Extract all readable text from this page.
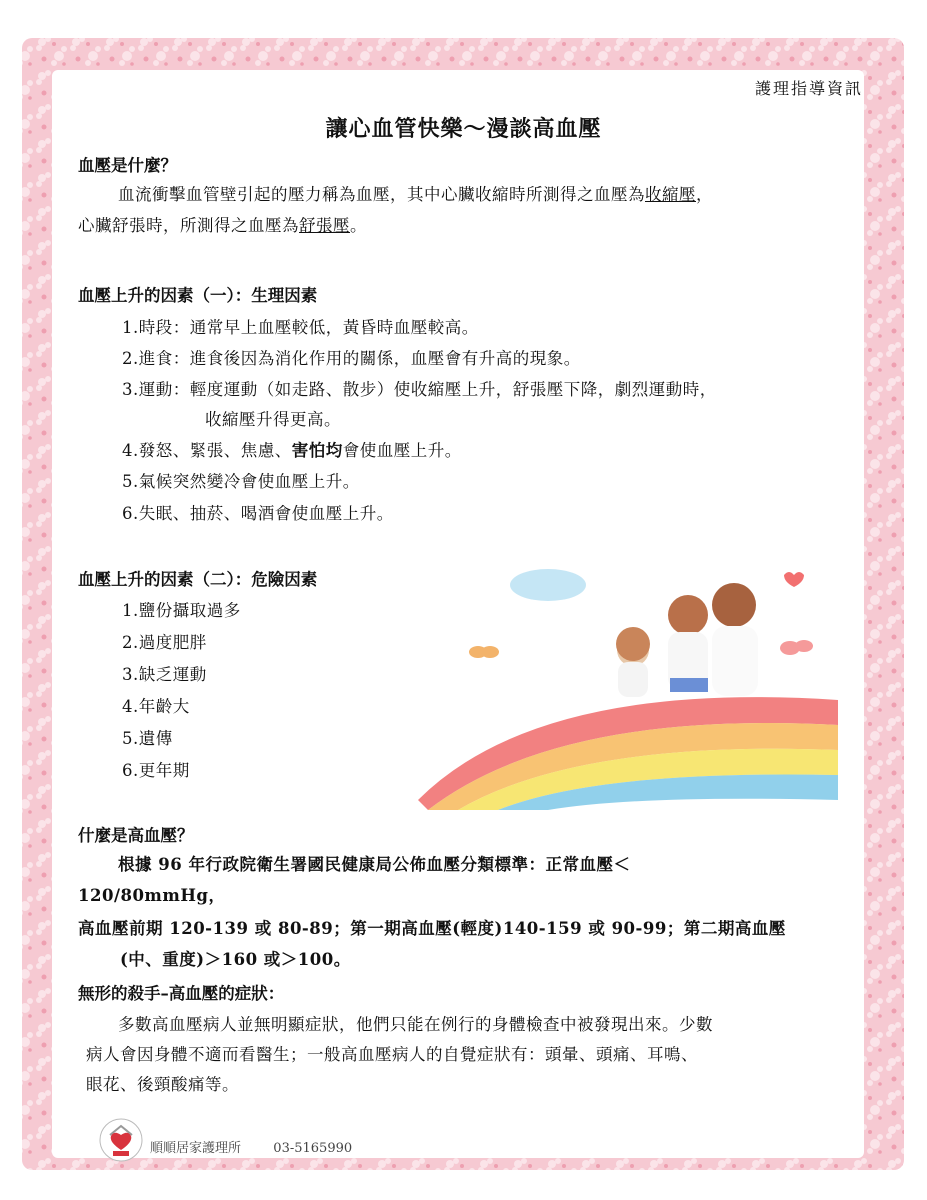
護理指導資訊
讓心血管快樂～漫談高血壓
血壓是什麼？
血流衝擊血管壁引起的壓力稱為血壓，其中心臟收縮時所測得之血壓為收縮壓，
心臟舒張時，所測得之血壓為舒張壓。
血壓上升的因素（一）：生理因素
1.時段：通常早上血壓較低，黃昏時血壓較高。
2.進食：進食後因為消化作用的關係，血壓會有升高的現象。
3.運動：輕度運動（如走路、散步）使收縮壓上升，舒張壓下降，劇烈運動時，
收縮壓升得更高。
4.發怒、緊張、焦慮、害怕均會使血壓上升。
5.氣候突然變冷會使血壓上升。
6.失眠、抽菸、喝酒會使血壓上升。
血壓上升的因素（二）：危險因素
1.鹽份攝取過多
2.過度肥胖
3.缺乏運動
4.年齡大
5.遺傳
6.更年期
什麼是高血壓？
根據 96 年行政院衛生署國民健康局公佈血壓分類標準：正常血壓＜
120/80mmHg，
高血壓前期 120-139 或 80-89；第一期高血壓(輕度)140-159 或 90-99；第二期高血壓
(中、重度)＞160 或＞100。
無形的殺手–高血壓的症狀：
多數高血壓病人並無明顯症狀，他們只能在例行的身體檢查中被發現出來。少數
病人會因身體不適而看醫生；一般高血壓病人的自覺症狀有：頭暈、頭痛、耳鳴、
眼花、後頸酸痛等。
順順居家護理所 03-5165990
